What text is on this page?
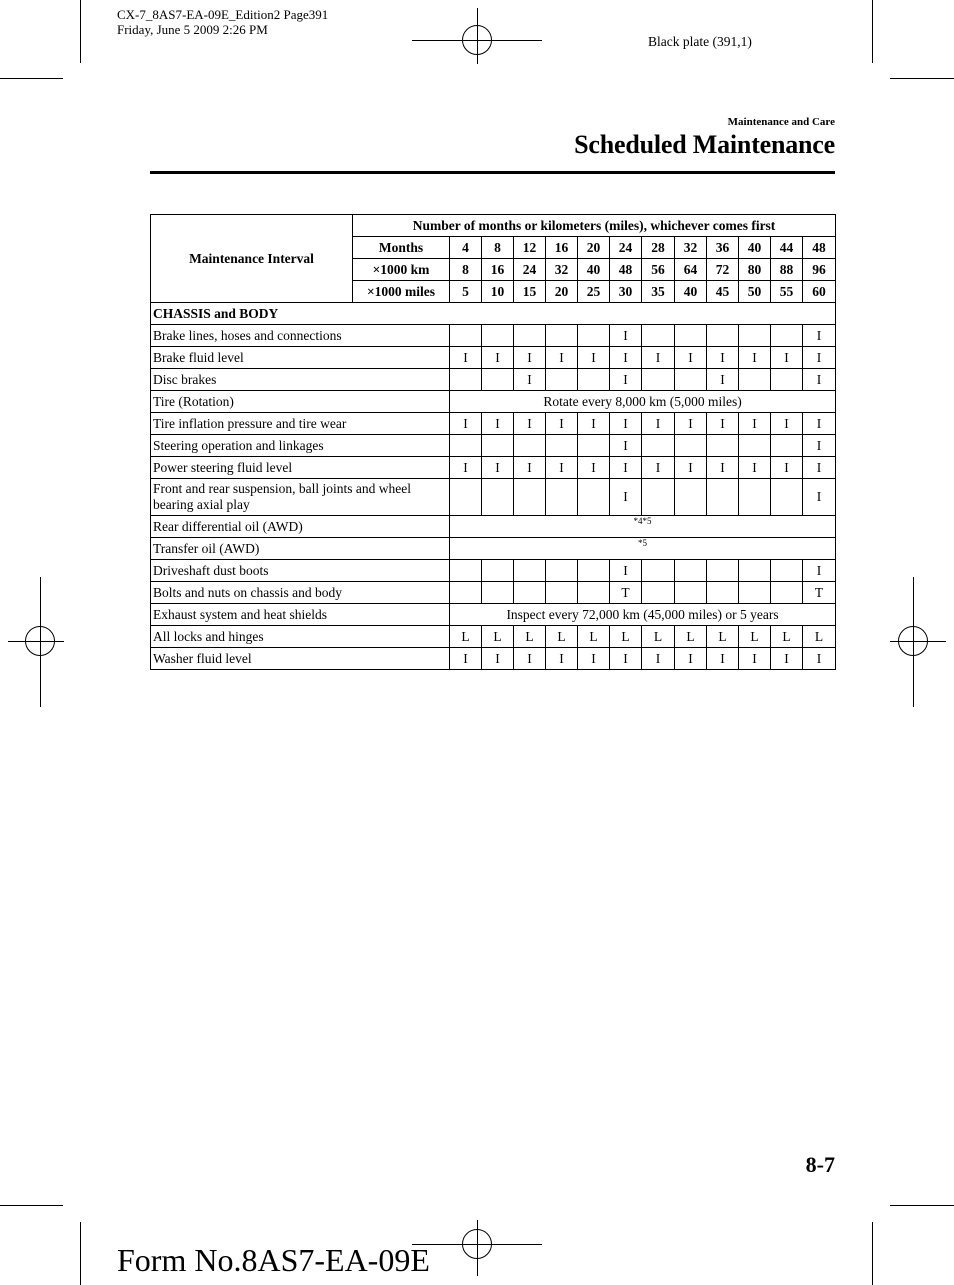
CX-7_8AS7-EA-09E_Edition2 Page391
Friday, June 5 2009 2:26 PM
Black plate (391,1)
Maintenance and Care
Scheduled Maintenance
Maintenance Interval	Number of months or kilometers (miles), whichever comes first												
	Months	4	8	12	16	20	24	28	32	36	40	44	48
	×1000 km	8	16	24	32	40	48	56	64	72	80	88	96
	×1000 miles	5	10	15	20	25	30	35	40	45	50	55	60
CHASSIS and BODY													
Brake lines, hoses and connections							I						I
Brake fluid level		I	I	I	I	I	I	I	I	I	I	I	I
Disc brakes				I			I			I			I
Tire (Rotation)		Rotate every 8,000 km (5,000 miles)											
Tire inflation pressure and tire wear		I	I	I	I	I	I	I	I	I	I	I	I
Steering operation and linkages							I						I
Power steering fluid level		I	I	I	I	I	I	I	I	I	I	I	I
Front and rear suspension, ball joints and wheel bearing axial play							I						I
Rear differential oil (AWD)		*4*5											
Transfer oil (AWD)		*5											
Driveshaft dust boots							I						I
Bolts and nuts on chassis and body							T						T
Exhaust system and heat shields		Inspect every 72,000 km (45,000 miles) or 5 years											
All locks and hinges		L	L	L	L	L	L	L	L	L	L	L	L
Washer fluid level		I	I	I	I	I	I	I	I	I	I	I	I
8-7
Form No.8AS7-EA-09E
